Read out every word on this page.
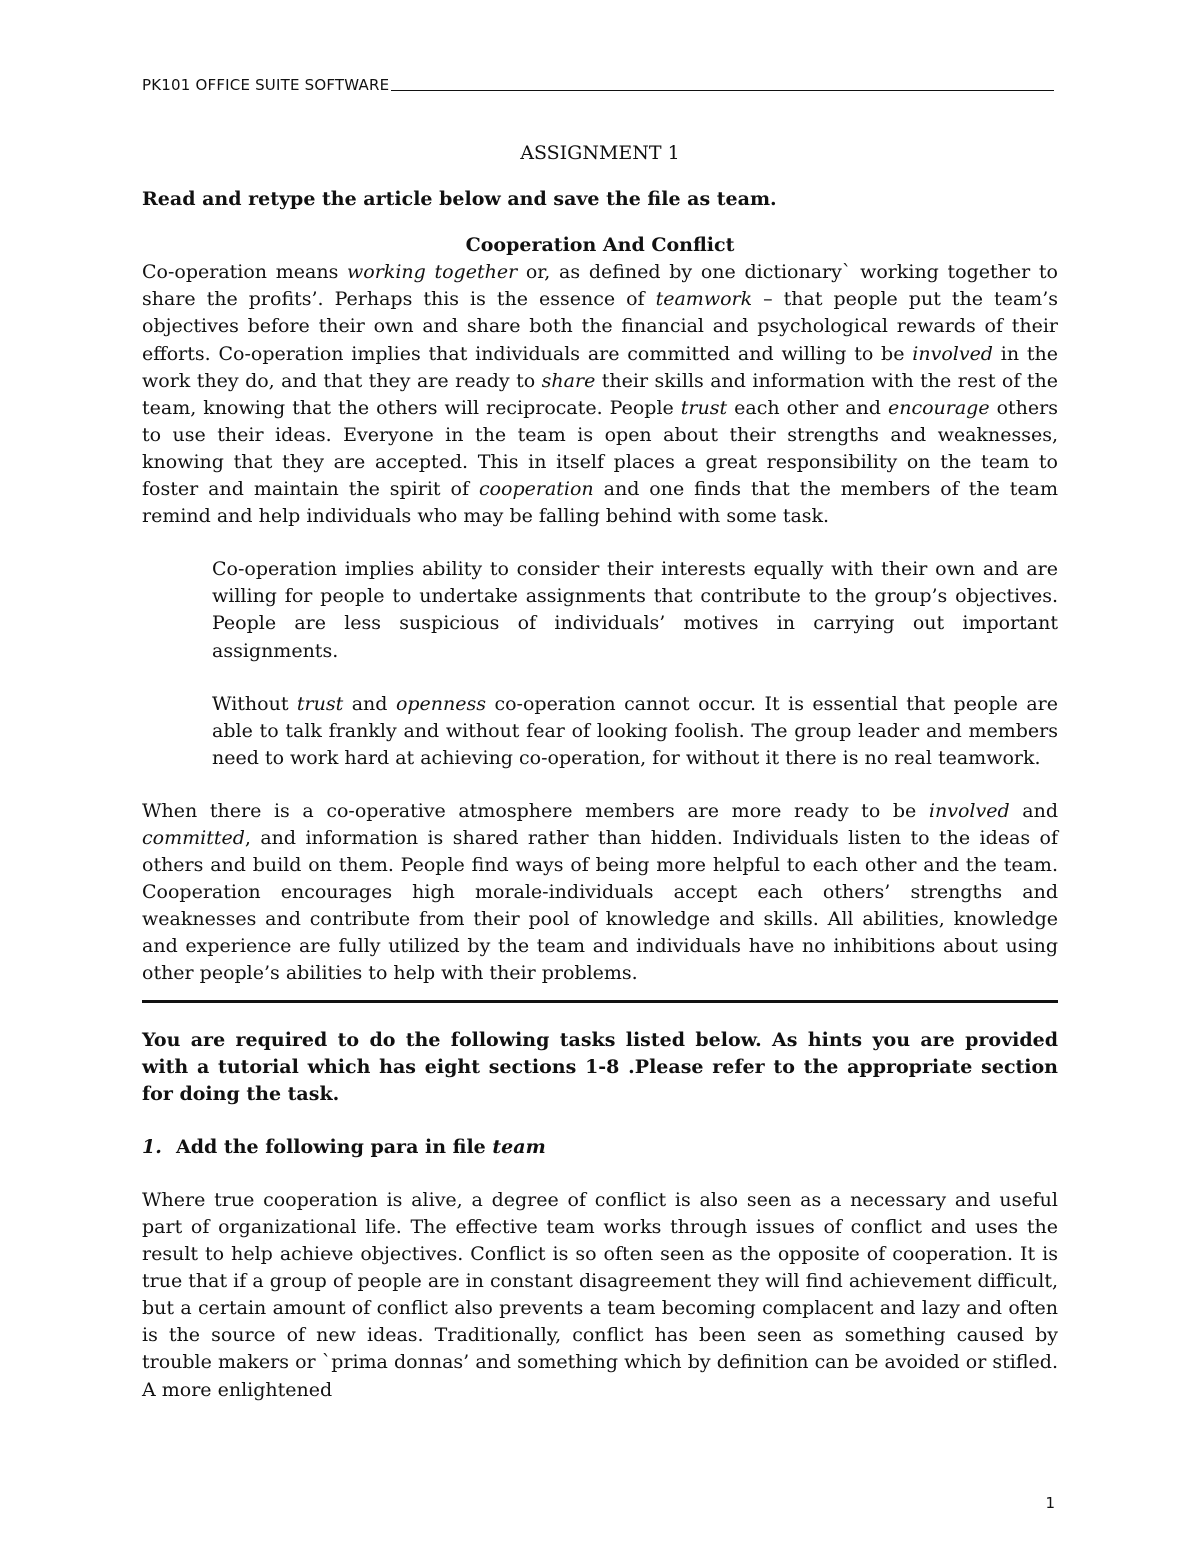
PK101 OFFICE SUITE SOFTWARE

ASSIGNMENT 1

Read and retype the article below and save the file as team.

Cooperation And Conflict

Co-operation means working together or, as defined by one dictionary` working together to share the profits’. Perhaps this is the essence of teamwork – that people put the team’s objectives before their own and share both the financial and psychological rewards of their efforts. Co-operation implies that individuals are committed and willing to be involved in the work they do, and that they are ready to share their skills and information with the rest of the team, knowing that the others will reciprocate. People trust each other and encourage others to use their ideas. Everyone in the team is open about their strengths and weaknesses, knowing that they are accepted. This in itself places a great responsibility on the team to foster and maintain the spirit of cooperation and one finds that the members of the team remind and help individuals who may be falling behind with some task.

Co-operation implies ability to consider their interests equally with their own and are willing for people to undertake assignments that contribute to the group’s objectives. People are less suspicious of individuals’ motives in carrying out important assignments.

Without trust and openness co-operation cannot occur. It is essential that people are able to talk frankly and without fear of looking foolish. The group leader and members need to work hard at achieving co-operation, for without it there is no real teamwork.

When there is a co-operative atmosphere members are more ready to be involved and committed, and information is shared rather than hidden. Individuals listen to the ideas of others and build on them. People find ways of being more helpful to each other and the team. Cooperation encourages high morale-individuals accept each others’ strengths and weaknesses and contribute from their pool of knowledge and skills. All abilities, knowledge and experience are fully utilized by the team and individuals have no inhibitions about using other people’s abilities to help with their problems.

You are required to do the following tasks listed below. As hints you are provided with a tutorial which has eight sections 1-8 .Please refer to the appropriate section for doing the task.

1. Add the following para in file team

Where true cooperation is alive, a degree of conflict is also seen as a necessary and useful part of organizational life. The effective team works through issues of conflict and uses the result to help achieve objectives. Conflict is so often seen as the opposite of cooperation. It is true that if a group of people are in constant disagreement they will find achievement difficult, but a certain amount of conflict also prevents a team becoming complacent and lazy and often is the source of new ideas. Traditionally, conflict has been seen as something caused by trouble makers or `prima donnas’ and something which by definition can be avoided or stifled. A more enlightened

1
